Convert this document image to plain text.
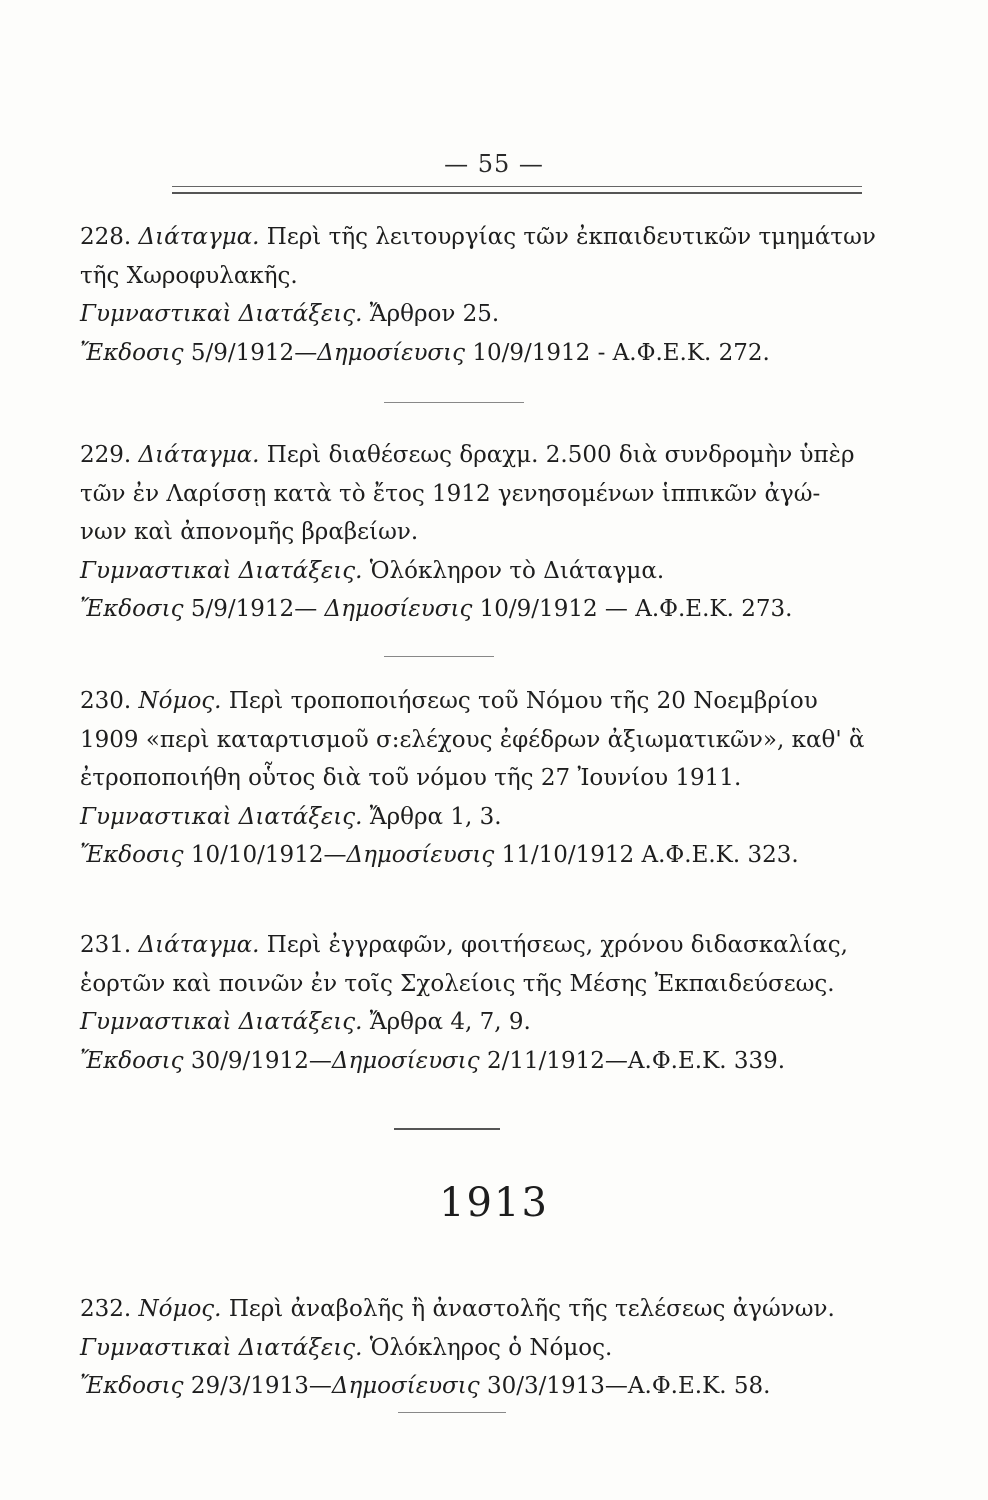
— 55 —

228. Διάταγμα. Περὶ τῆς λειτουργίας τῶν ἐκπαιδευτικῶν τμημάτων

τῆς Χωροφυλακῆς.

Γυμναστικαὶ Διατάξεις. Ἄρθρον 25.

Ἔκδοσις 5/9/1912—Δημοσίευσις 10/9/1912 - Α.Φ.Ε.Κ. 272.

229. Διάταγμα. Περὶ διαθέσεως δραχμ. 2.500 διὰ συνδρομὴν ὑπὲρ

τῶν ἐν Λαρίσσῃ κατὰ τὸ ἔτος 1912 γενησομένων ἱππικῶν ἀγώ-

νων καὶ ἀπονομῆς βραβείων.

Γυμναστικαὶ Διατάξεις. Ὁλόκληρον τὸ Διάταγμα.

Ἔκδοσις 5/9/1912— Δημοσίευσις 10/9/1912 — Α.Φ.Ε.Κ. 273.

230. Νόμος. Περὶ τροποποιήσεως τοῦ Νόμου τῆς 20 Νοεμβρίου

1909 «περὶ καταρτισμοῦ σ:ελέχους ἐφέδρων ἀξιωματικῶν», καθ' ἃ

ἐτροποποιήθη οὗτος διὰ τοῦ νόμου τῆς 27 Ἰουνίου 1911.

Γυμναστικαὶ Διατάξεις. Ἄρθρα 1, 3.

Ἔκδοσις 10/10/1912—Δημοσίευσις 11/10/1912 Α.Φ.Ε.Κ. 323.

231. Διάταγμα. Περὶ ἐγγραφῶν, φοιτήσεως, χρόνου διδασκαλίας,

ἑορτῶν καὶ ποινῶν ἐν τοῖς Σχολείοις τῆς Μέσης Ἐκπαιδεύσεως.

Γυμναστικαὶ Διατάξεις. Ἄρθρα 4, 7, 9.

Ἔκδοσις 30/9/1912—Δημοσίευσις 2/11/1912—Α.Φ.Ε.Κ. 339.

1913

232. Νόμος. Περὶ ἀναβολῆς ἢ ἀναστολῆς τῆς τελέσεως ἀγώνων.

Γυμναστικαὶ Διατάξεις. Ὁλόκληρος ὁ Νόμος.

Ἔκδοσις 29/3/1913—Δημοσίευσις 30/3/1913—Α.Φ.Ε.Κ. 58.
